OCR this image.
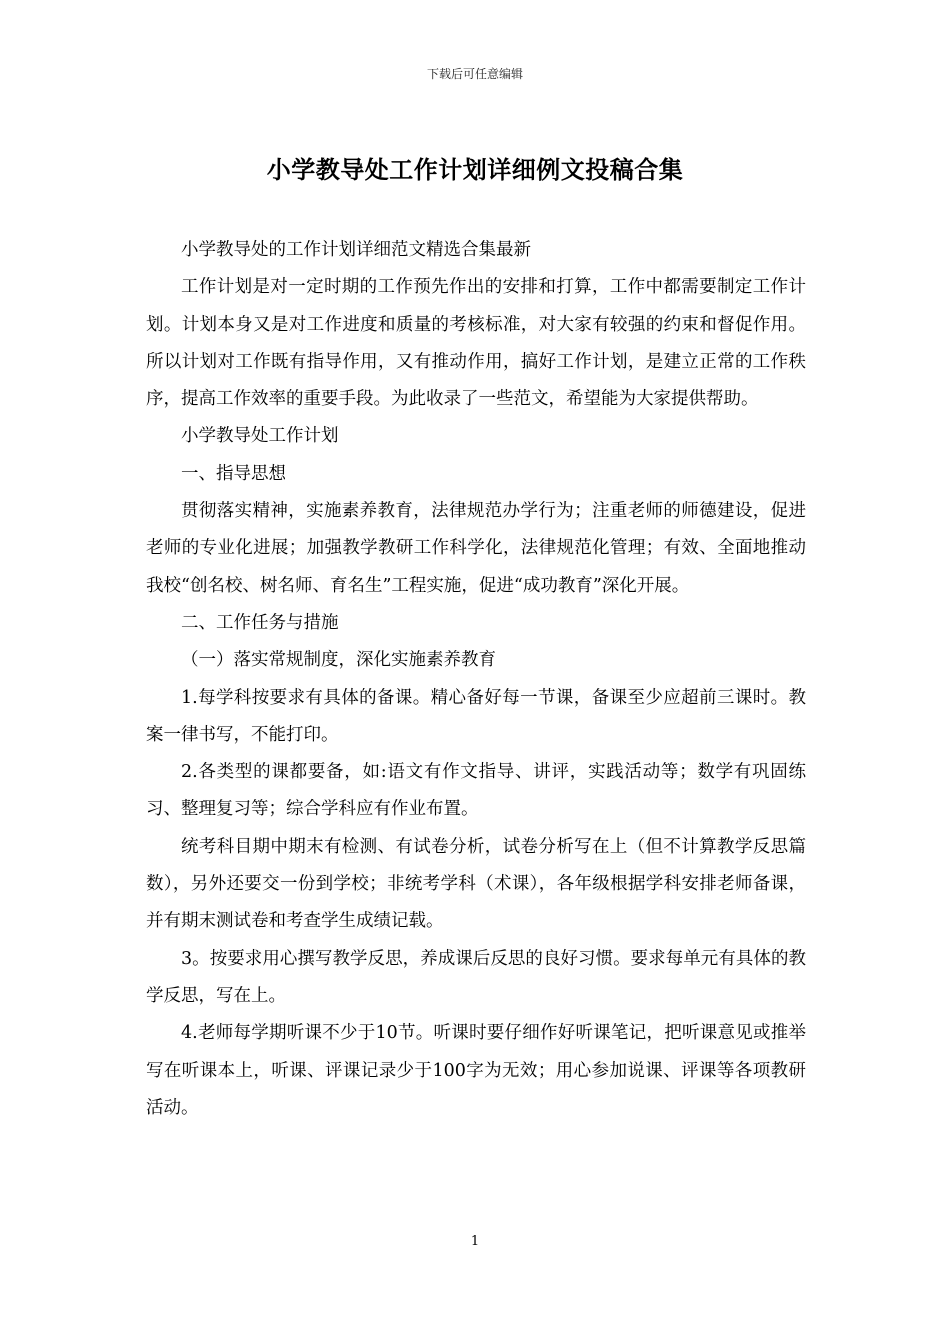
下载后可任意编辑
小学教导处工作计划详细例文投稿合集

小学教导处的工作计划详细范文精选合集最新

工作计划是对一定时期的工作预先作出的安排和打算，工作中都需要制定工作计划。计划本身又是对工作进度和质量的考核标准，对大家有较强的约束和督促作用。所以计划对工作既有指导作用，又有推动作用，搞好工作计划，是建立正常的工作秩序，提高工作效率的重要手段。为此收录了一些范文，希望能为大家提供帮助。

小学教导处工作计划

一、指导思想

贯彻落实精神，实施素养教育，法律规范办学行为；注重老师的师德建设，促进老师的专业化进展；加强教学教研工作科学化，法律规范化管理；有效、全面地推动我校“创名校、树名师、育名生”工程实施，促进“成功教育”深化开展。

二、工作任务与措施

（一）落实常规制度，深化实施素养教育

1.每学科按要求有具体的备课。精心备好每一节课，备课至少应超前三课时。教案一律书写，不能打印。

2.各类型的课都要备，如:语文有作文指导、讲评，实践活动等；数学有巩固练习、整理复习等；综合学科应有作业布置。

统考科目期中期末有检测、有试卷分析，试卷分析写在上（但不计算教学反思篇数），另外还要交一份到学校；非统考学科（术课），各年级根据学科安排老师备课，并有期末测试卷和考查学生成绩记载。

3。按要求用心撰写教学反思，养成课后反思的良好习惯。要求每单元有具体的教学反思，写在上。

4.老师每学期听课不少于10节。听课时要仔细作好听课笔记，把听课意见或推举写在听课本上，听课、评课记录少于100字为无效；用心参加说课、评课等各项教研活动。

1
